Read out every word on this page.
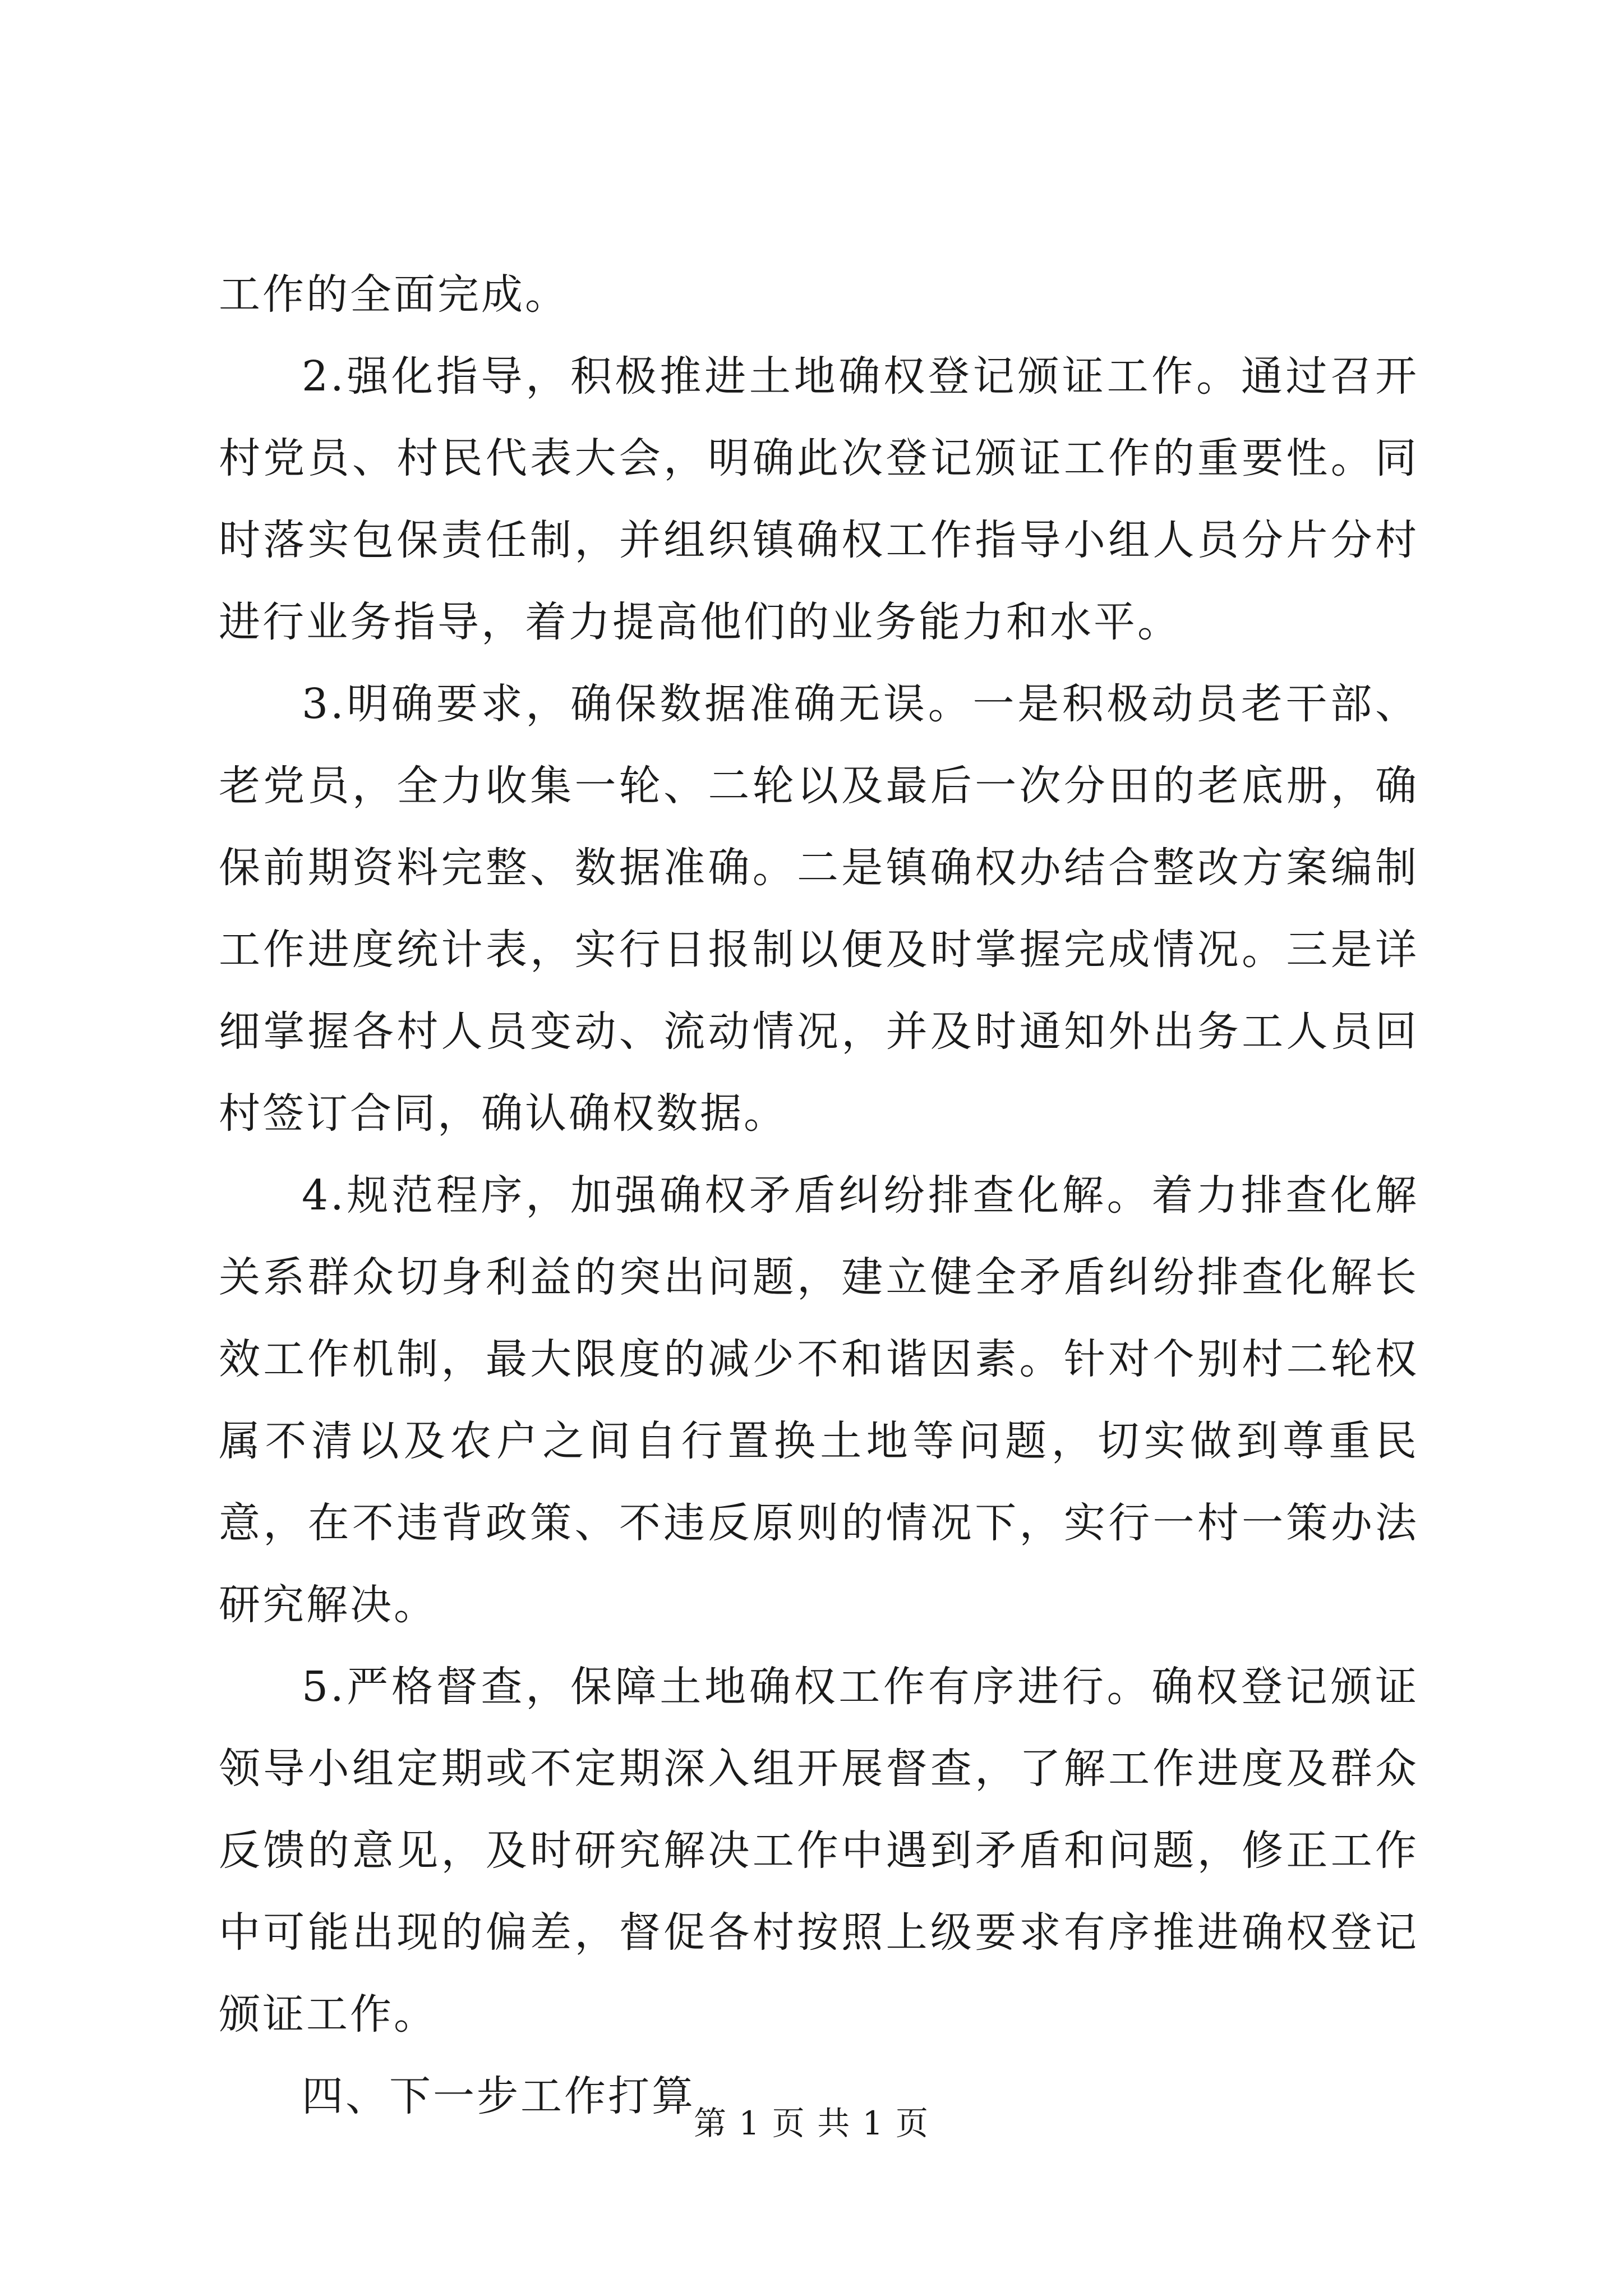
工作的全面完成。

2.强化指导，积极推进土地确权登记颁证工作。通过召开村党员、村民代表大会，明确此次登记颁证工作的重要性。同时落实包保责任制，并组织镇确权工作指导小组人员分片分村进行业务指导，着力提高他们的业务能力和水平。

3.明确要求，确保数据准确无误。一是积极动员老干部、老党员，全力收集一轮、二轮以及最后一次分田的老底册，确保前期资料完整、数据准确。二是镇确权办结合整改方案编制工作进度统计表，实行日报制以便及时掌握完成情况。三是详细掌握各村人员变动、流动情况，并及时通知外出务工人员回村签订合同，确认确权数据。

4.规范程序，加强确权矛盾纠纷排查化解。着力排查化解关系群众切身利益的突出问题，建立健全矛盾纠纷排查化解长效工作机制，最大限度的减少不和谐因素。针对个别村二轮权属不清以及农户之间自行置换土地等问题，切实做到尊重民意，在不违背政策、不违反原则的情况下，实行一村一策办法研究解决。

5.严格督查，保障土地确权工作有序进行。确权登记颁证领导小组定期或不定期深入组开展督查，了解工作进度及群众反馈的意见，及时研究解决工作中遇到矛盾和问题，修正工作中可能出现的偏差，督促各村按照上级要求有序推进确权登记颁证工作。

四、下一步工作打算

第 1 页 共 1 页
